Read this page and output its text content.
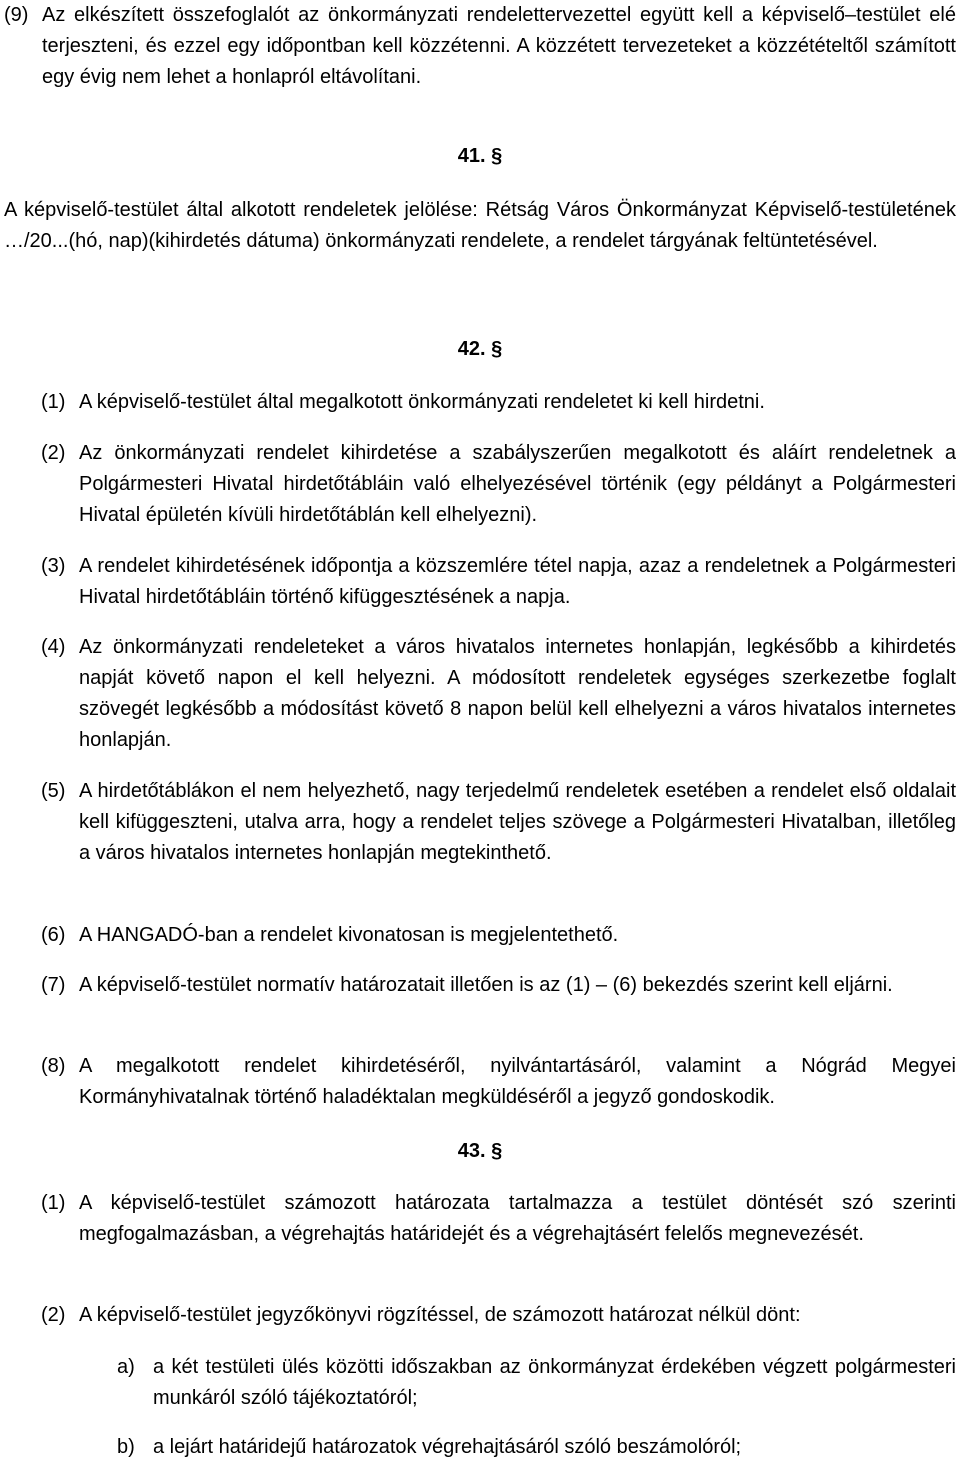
(9) Az elkészített összefoglalót az önkormányzati rendelettervezettel együtt kell a képviselő–testület elé terjeszteni, és ezzel egy időpontban kell közzétenni. A közzétett tervezeteket a közzétételtől számított egy évig nem lehet a honlapról eltávolítani.
41. §

A képviselő-testület által alkotott rendeletek jelölése: Rétság Város Önkormányzat Képviselő-testületének …/20...(hó, nap)(kihirdetés dátuma) önkormányzati rendelete, a rendelet tárgyának feltüntetésével.

42. §
(1) A képviselő-testület által megalkotott önkormányzati rendeletet ki kell hirdetni.
(2) Az önkormányzati rendelet kihirdetése a szabályszerűen megalkotott és aláírt rendeletnek a Polgármesteri Hivatal hirdetőtábláin való elhelyezésével történik (egy példányt a Polgármesteri Hivatal épületén kívüli hirdetőtáblán kell elhelyezni).
(3) A rendelet kihirdetésének időpontja a közszemlére tétel napja, azaz a rendeletnek a Polgármesteri Hivatal hirdetőtábláin történő kifüggesztésének a napja.
(4) Az önkormányzati rendeleteket a város hivatalos internetes honlapján, legkésőbb a kihirdetés napját követő napon el kell helyezni. A módosított rendeletek egységes szerkezetbe foglalt szövegét legkésőbb a módosítást követő 8 napon belül kell elhelyezni a város hivatalos internetes honlapján.
(5) A hirdetőtáblákon el nem helyezhető, nagy terjedelmű rendeletek esetében a rendelet első oldalait kell kifüggeszteni, utalva arra, hogy a rendelet teljes szövege a Polgármesteri Hivatalban, illetőleg a város hivatalos internetes honlapján megtekinthető.
(6) A HANGADÓ-ban a rendelet kivonatosan is megjelentethető.
(7) A képviselő-testület normatív határozatait illetően is az (1) – (6) bekezdés szerint kell eljárni.
(8) A megalkotott rendelet kihirdetéséről, nyilvántartásáról, valamint a Nógrád Megyei Kormányhivatalnak történő haladéktalan megküldéséről a jegyző gondoskodik.
43. §
(1) A képviselő-testület számozott határozata tartalmazza a testület döntését szó szerinti megfogalmazásban, a végrehajtás határidejét és a végrehajtásért felelős megnevezését.
(2) A képviselő-testület jegyzőkönyvi rögzítéssel, de számozott határozat nélkül dönt:
a) a két testületi ülés közötti időszakban az önkormányzat érdekében végzett polgármesteri munkáról szóló tájékoztatóról;
b) a lejárt határidejű határozatok végrehajtásáról szóló beszámolóról;
